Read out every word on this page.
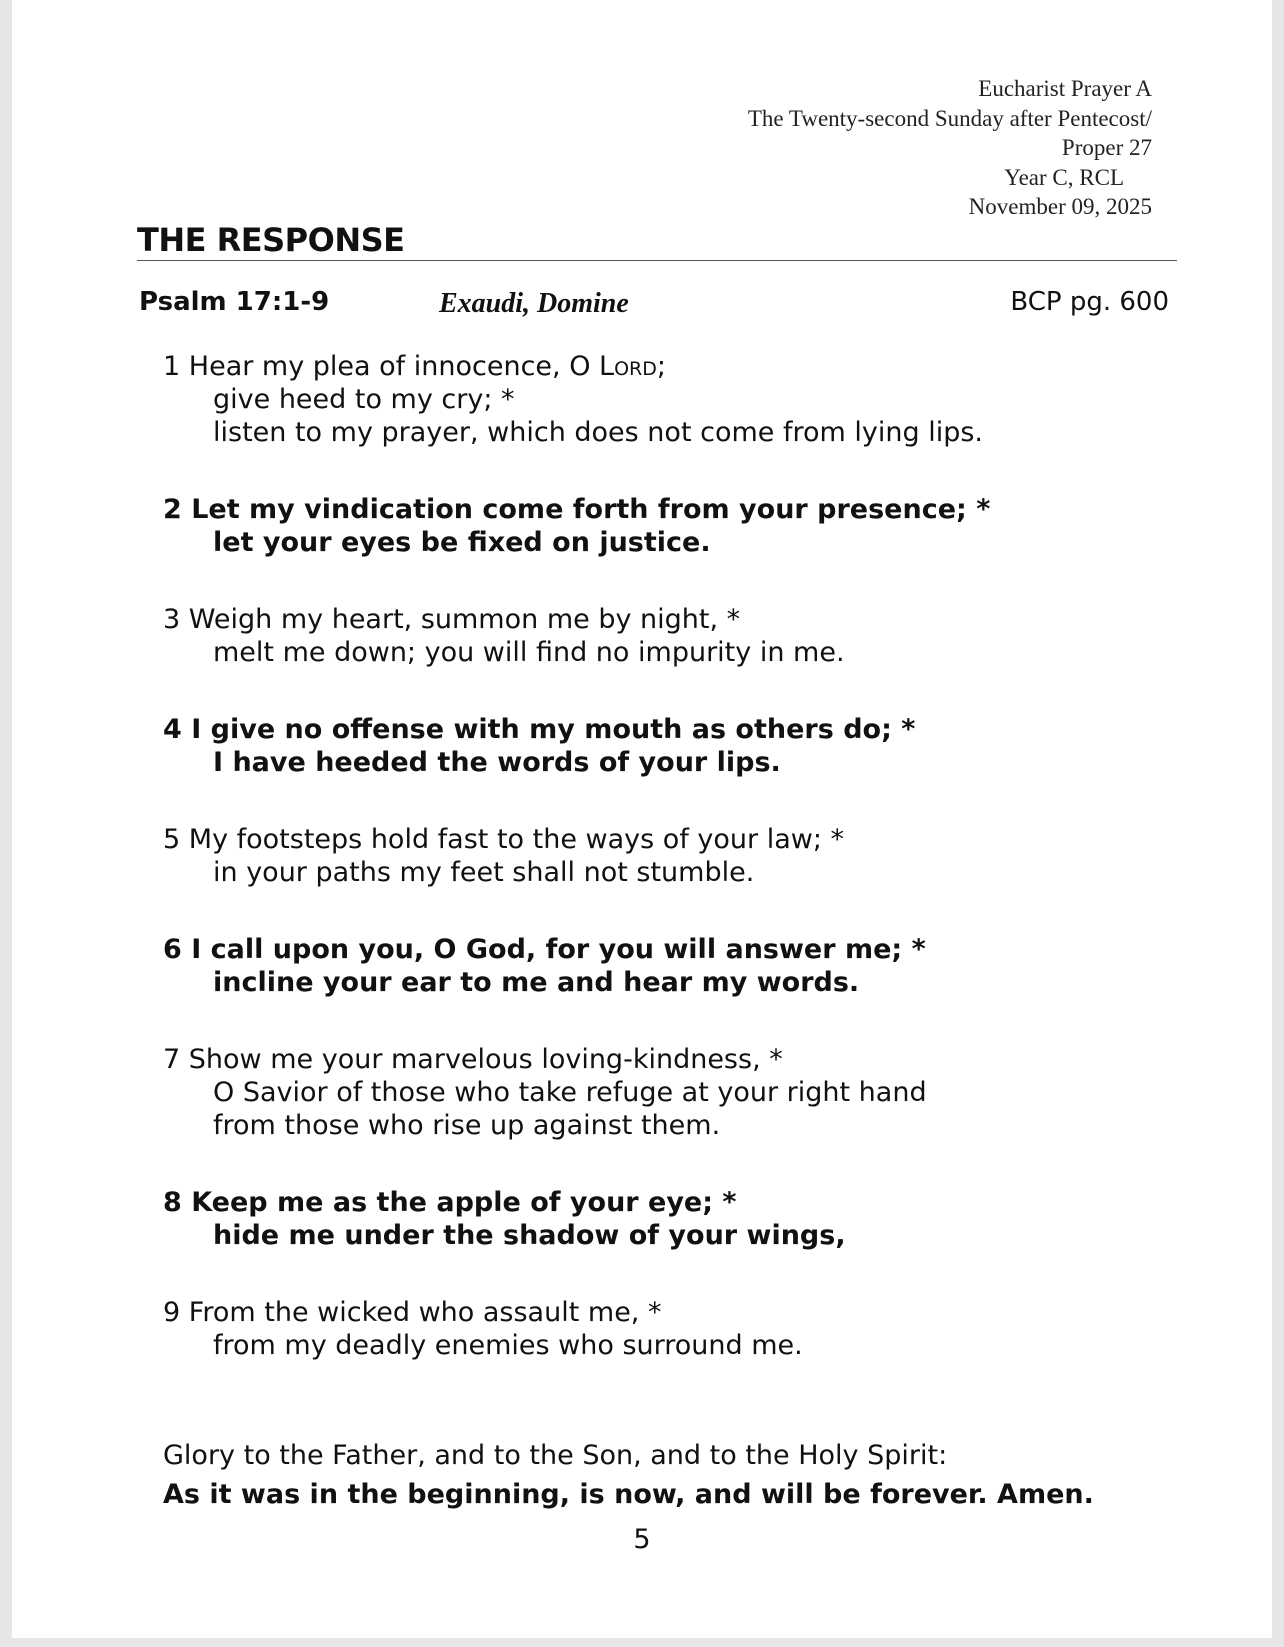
Eucharist Prayer A
The Twenty-second Sunday after Pentecost/
Proper 27
Year C, RCL
November 09, 2025
THE RESPONSE
Psalm 17:1-9	Exaudi, Domine	BCP pg. 600
1 Hear my plea of innocence, O Lord;
give heed to my cry; *
listen to my prayer, which does not come from lying lips.
2 Let my vindication come forth from your presence; *
let your eyes be fixed on justice.
3 Weigh my heart, summon me by night, *
melt me down; you will find no impurity in me.
4 I give no offense with my mouth as others do; *
I have heeded the words of your lips.
5 My footsteps hold fast to the ways of your law; *
in your paths my feet shall not stumble.
6 I call upon you, O God, for you will answer me; *
incline your ear to me and hear my words.
7 Show me your marvelous loving-kindness, *
O Savior of those who take refuge at your right hand
from those who rise up against them.
8 Keep me as the apple of your eye; *
hide me under the shadow of your wings,
9 From the wicked who assault me, *
from my deadly enemies who surround me.
Glory to the Father, and to the Son, and to the Holy Spirit:
As it was in the beginning, is now, and will be forever. Amen.
5
